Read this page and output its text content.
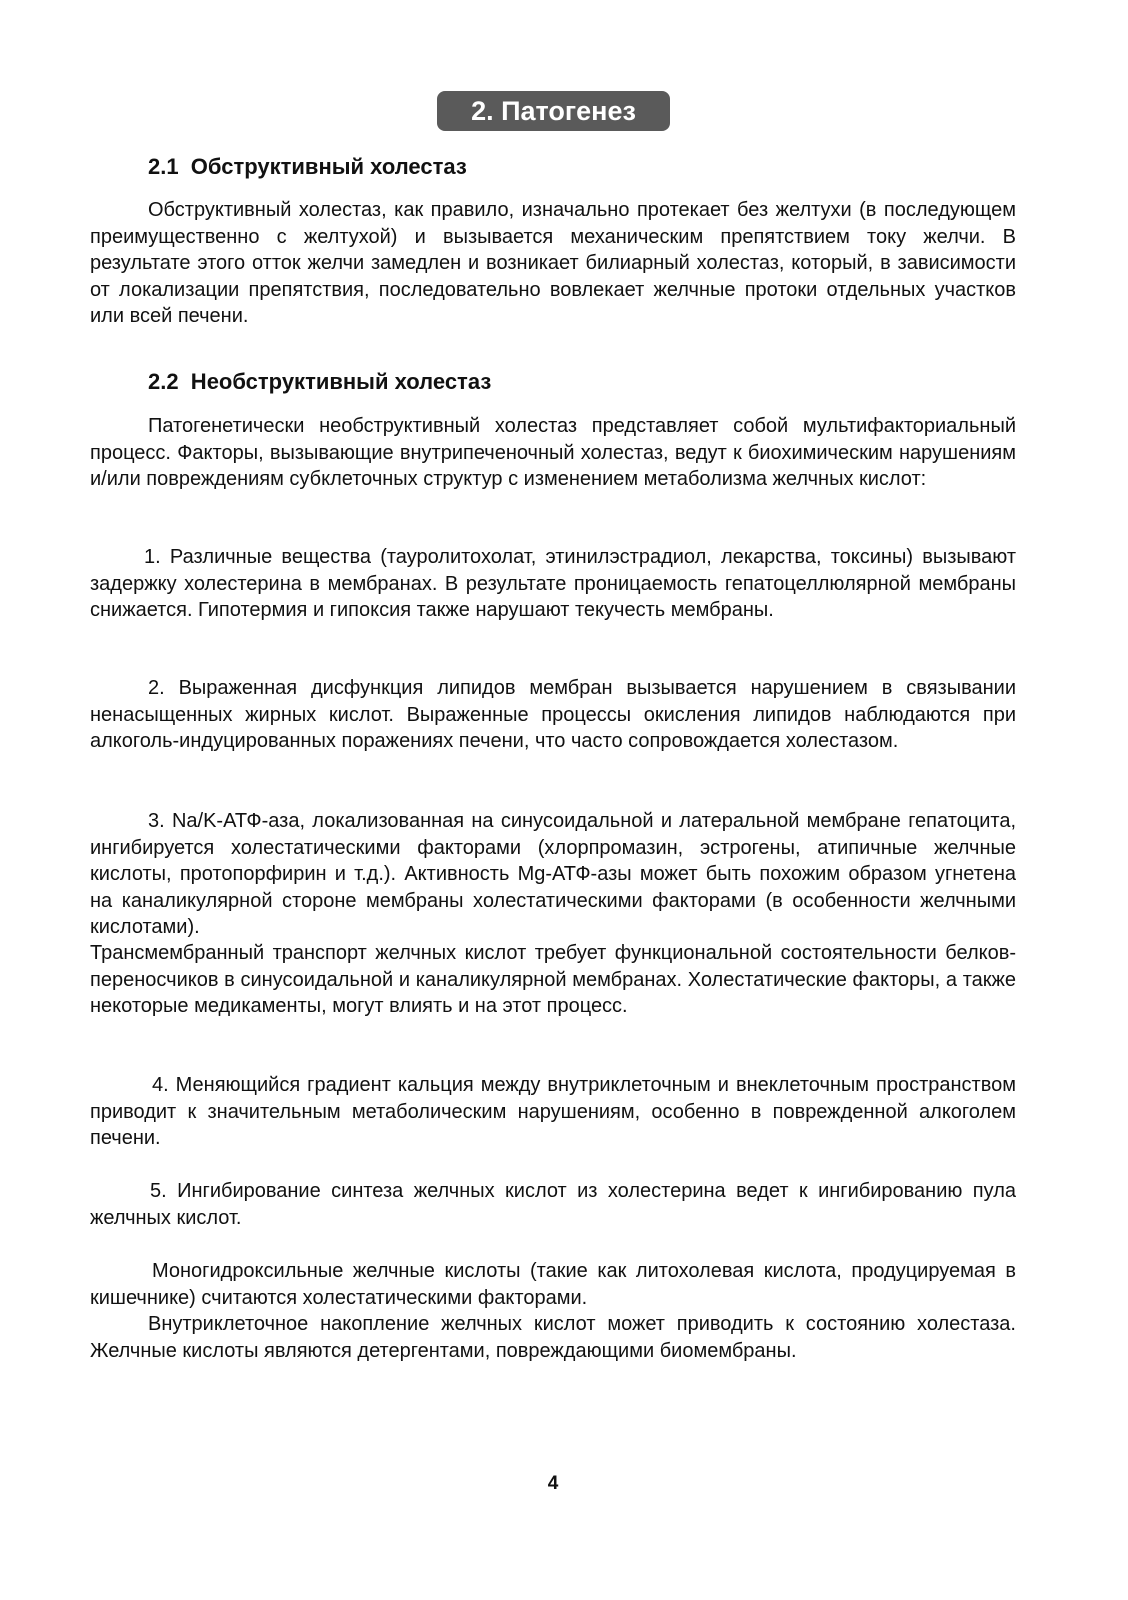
2. Патогенез
2.1  Обструктивный холестаз

Обструктивный холестаз, как правило, изначально протекает без желтухи (в последующем преимущественно с желтухой) и вызывается механическим препятствием току желчи. В результате этого отток желчи замедлен и возникает билиарный холестаз, который, в зависимости от локализации препятствия, последовательно вовлекает желчные протоки отдельных участков или всей печени.

2.2  Необструктивный холестаз

Патогенетически необструктивный холестаз представляет собой мультифакториальный процесс. Факторы, вызывающие внутрипеченочный холестаз, ведут к биохимическим нарушениям и/или повреждениям субклеточных структур с изменением метаболизма желчных кислот:

1. Различные вещества (тауролитохолат, этинилэстрадиол, лекарства, токсины) вызывают задержку холестерина в мембранах. В результате проницаемость гепатоцеллюлярной мембраны снижается. Гипотермия и гипоксия также нарушают текучесть мембраны.

2. Выраженная дисфункция липидов мембран вызывается нарушением в связывании ненасыщенных жирных кислот. Выраженные процессы окисления липидов наблюдаются при алкоголь-индуцированных поражениях печени, что часто сопровождается холестазом.

3. Na/K-АТФ-аза, локализованная на синусоидальной и латеральной мембране гепатоцита, ингибируется холестатическими факторами (хлорпромазин, эстрогены, атипичные желчные кислоты, протопорфирин и т.д.). Активность Mg-АТФ-азы может быть похожим образом угнетена на каналикулярной стороне мембраны холестатическими факторами (в особенности желчными кислотами).

Трансмембранный транспорт желчных кислот требует функциональной состоятельности белков-переносчиков в синусоидальной и каналикулярной мембранах. Холестатические факторы, а также некоторые медикаменты, могут влиять и на этот процесс.

4. Меняющийся градиент кальция между внутриклеточным и внеклеточным пространством приводит к значительным метаболическим нарушениям, особенно в поврежденной алкоголем печени.

5. Ингибирование синтеза желчных кислот из холестерина ведет к ингибированию пула желчных кислот.

Моногидроксильные желчные кислоты (такие как литохолевая кислота, продуцируемая в кишечнике) считаются холестатическими факторами.

Внутриклеточное накопление желчных кислот может приводить к состоянию холестаза. Желчные кислоты являются детергентами, повреждающими биомембраны.

4
